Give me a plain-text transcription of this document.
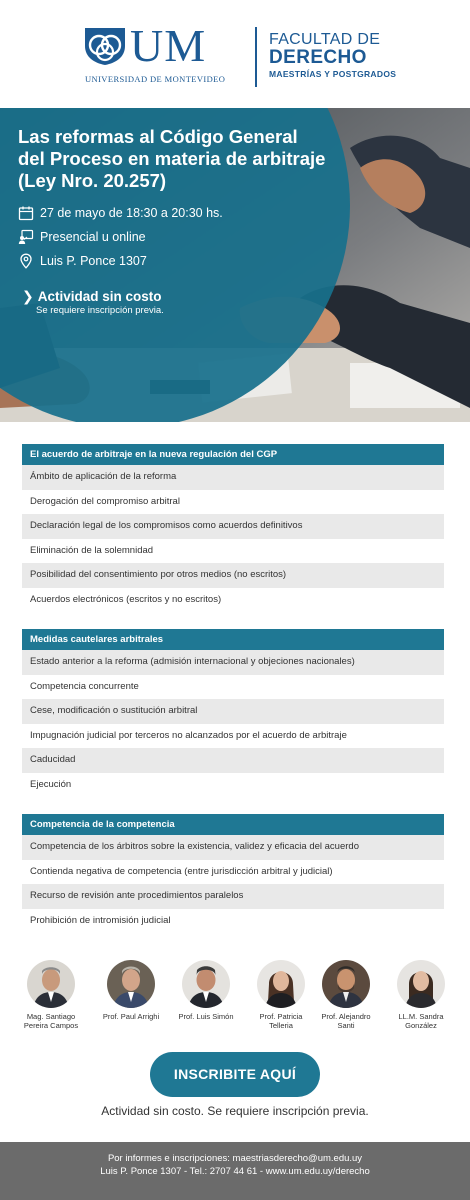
UM
UNIVERSIDAD DE MONTEVIDEO
FACULTAD DE
DERECHO
MAESTRÍAS Y POSTGRADOS
Las reformas al Código General
del Proceso en materia de arbitraje
(Ley Nro. 20.257)
27 de mayo de 18:30 a 20:30 hs.
Presencial u online
Luis P. Ponce 1307
❯ Actividad sin costo
Se requiere inscripción previa.
El acuerdo de arbitraje en la nueva regulación del CGP
Ámbito de aplicación de la reforma
Derogación del compromiso arbitral
Declaración legal de los compromisos como acuerdos definitivos
Eliminación de la solemnidad
Posibilidad del consentimiento por otros medios (no escritos)
Acuerdos electrónicos (escritos y no escritos)
Medidas cautelares arbitrales
Estado anterior a la reforma (admisión internacional y objeciones nacionales)
Competencia concurrente
Cese, modificación o sustitución arbitral
Impugnación judicial por terceros no alcanzados por el acuerdo de arbitraje
Caducidad
Ejecución
Competencia de la competencia
Competencia de los árbitros sobre la existencia, validez y eficacia del acuerdo
Contienda negativa de competencia (entre jurisdicción arbitral y judicial)
Recurso de revisión ante procedimientos paralelos
Prohibición de intromisión judicial
Mag. Santiago
Pereira Campos
Prof. Paul Arrighi	Prof. Luis Simón	Prof. Patricia
Telleria
Prof. Alejandro
Santi
LL.M. Sandra
González
INSCRIBITE AQUÍ
Actividad sin costo. Se requiere inscripción previa.
Por informes e inscripciones: maestriasderecho@um.edu.uy
Luis P. Ponce 1307 - Tel.: 2707 44 61 - www.um.edu.uy/derecho
